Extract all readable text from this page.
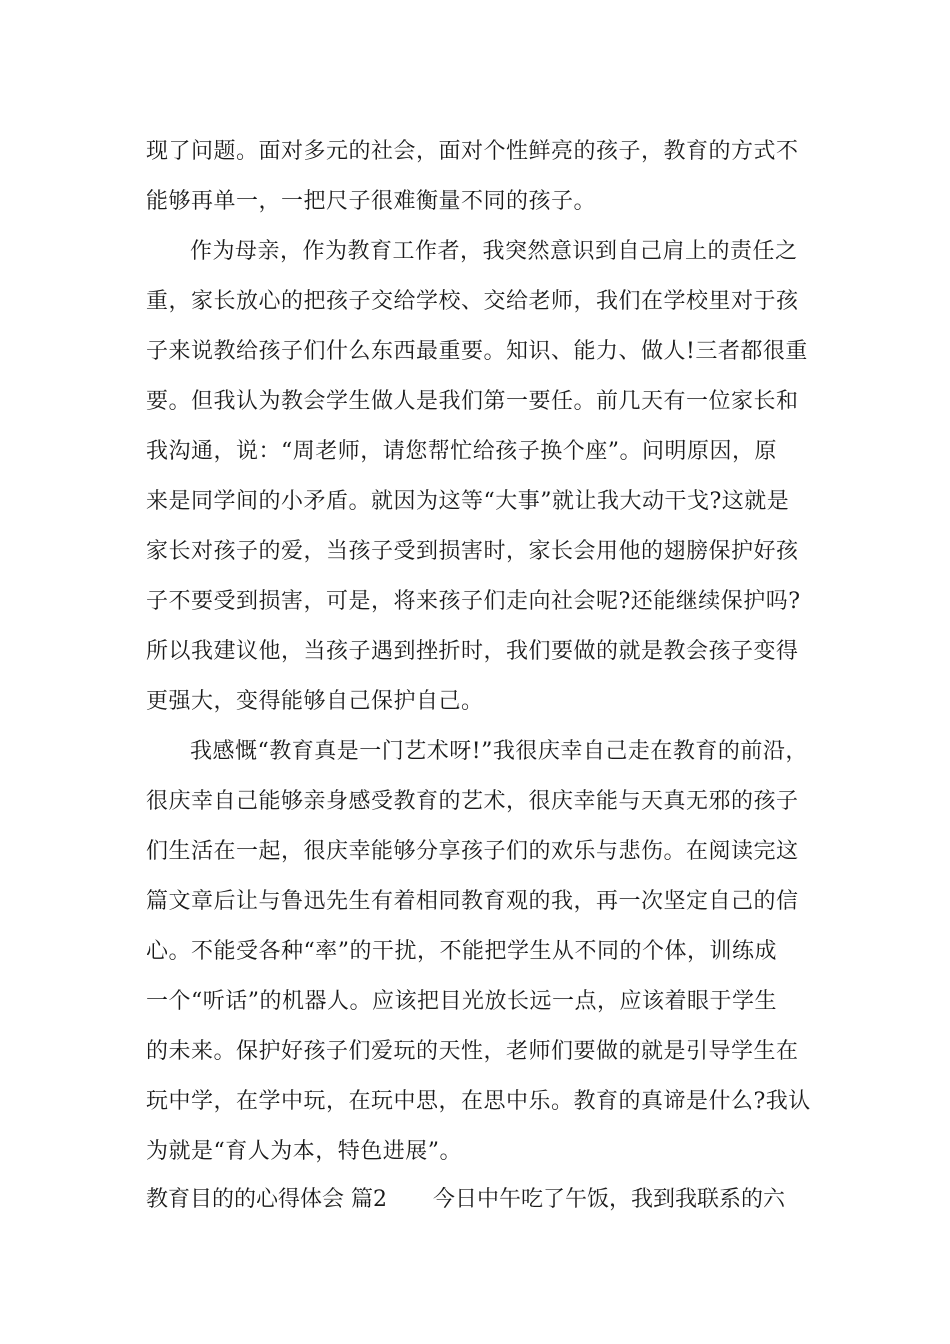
现了问题。面对多元的社会，面对个性鲜亮的孩子，教育的方式不
能够再单一，一把尺子很难衡量不同的孩子。
作为母亲，作为教育工作者，我突然意识到自己肩上的责任之
重，家长放心的把孩子交给学校、交给老师，我们在学校里对于孩
子来说教给孩子们什么东西最重要。知识、能力、做人!三者都很重
要。但我认为教会学生做人是我们第一要任。前几天有一位家长和
我沟通，说：“周老师，请您帮忙给孩子换个座”。问明原因，原
来是同学间的小矛盾。就因为这等“大事”就让我大动干戈?这就是
家长对孩子的爱，当孩子受到损害时，家长会用他的翅膀保护好孩
子不要受到损害，可是，将来孩子们走向社会呢?还能继续保护吗?
所以我建议他，当孩子遇到挫折时，我们要做的就是教会孩子变得
更强大，变得能够自己保护自己。
我感慨“教育真是一门艺术呀!”我很庆幸自己走在教育的前沿，
很庆幸自己能够亲身感受教育的艺术，很庆幸能与天真无邪的孩子
们生活在一起，很庆幸能够分享孩子们的欢乐与悲伤。在阅读完这
篇文章后让与鲁迅先生有着相同教育观的我，再一次坚定自己的信
心。不能受各种“率”的干扰，不能把学生从不同的个体，训练成
一个“听话”的机器人。应该把目光放长远一点，应该着眼于学生
的未来。保护好孩子们爱玩的天性，老师们要做的就是引导学生在
玩中学，在学中玩，在玩中思，在思中乐。教育的真谛是什么?我认
为就是“育人为本，特色进展”。
教育目的的心得体会 篇2 今日中午吃了午饭，我到我联系的六
